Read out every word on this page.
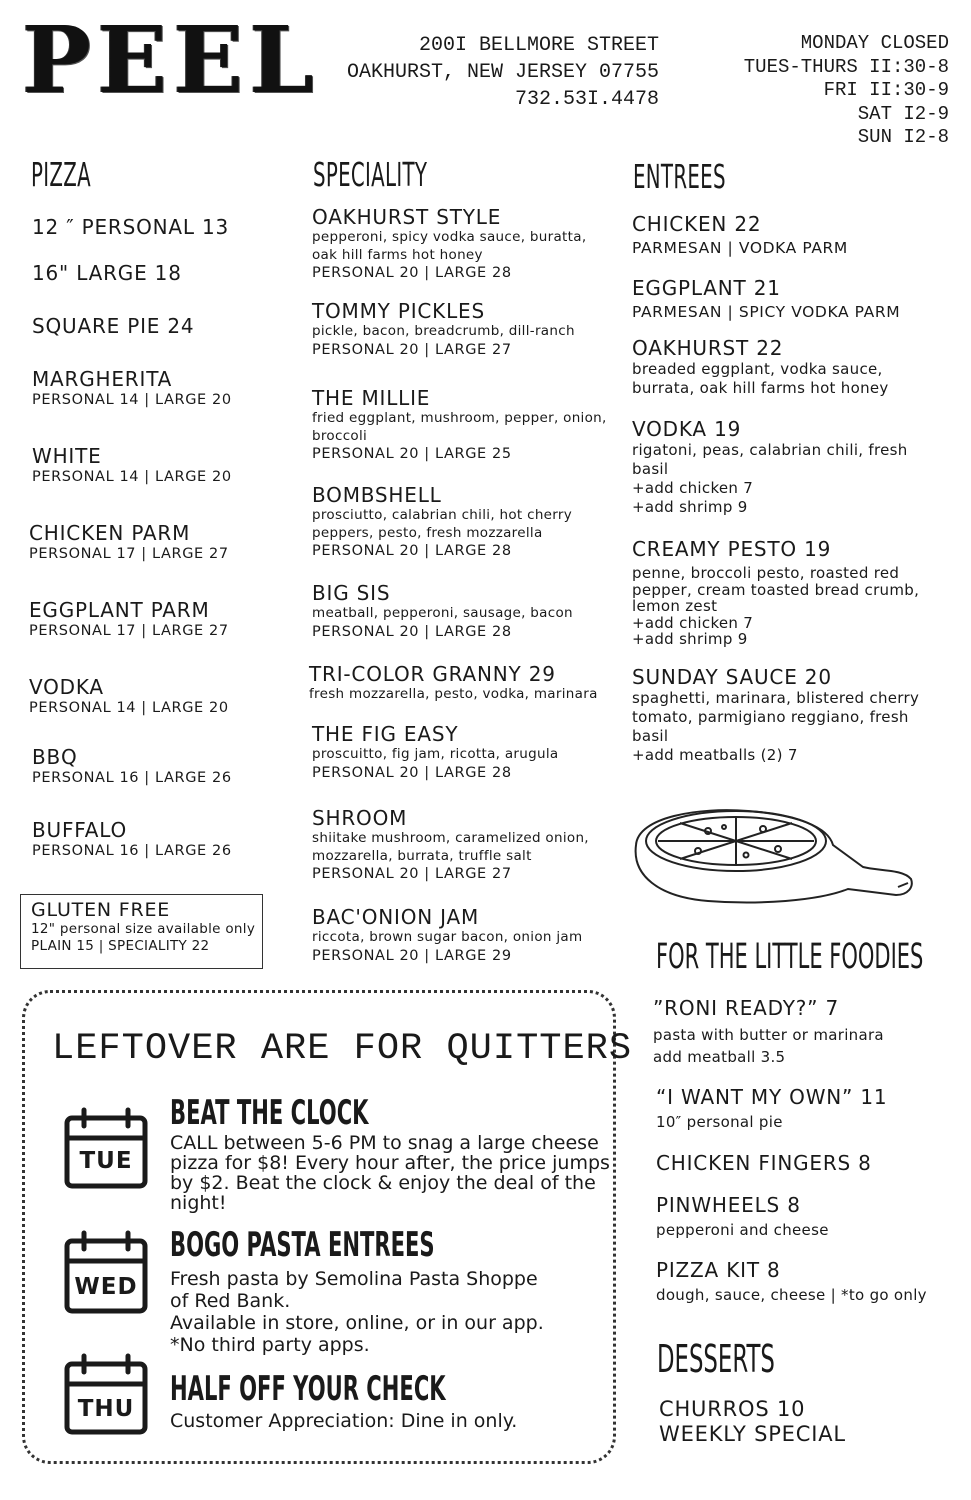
PEEL	200I BELLMORE STREET
OAKHURST, NEW JERSEY 07755
732.53I.4478
MONDAY CLOSED
TUES-THURS II:30-8
FRI II:30-9
SAT I2-9
SUN I2-8
PIZZA
12 ″ PERSONAL 13
16" LARGE 18
SQUARE PIE 24
MARGHERITA
PERSONAL 14 | LARGE 20
WHITE
PERSONAL 14 | LARGE 20
CHICKEN PARM
PERSONAL 17 | LARGE 27
EGGPLANT PARM
PERSONAL 17 | LARGE 27
VODKA
PERSONAL 14 | LARGE 20
BBQ
PERSONAL 16 | LARGE 26
BUFFALO
PERSONAL 16 | LARGE 26
GLUTEN FREE
12" personal size available only
PLAIN 15 | SPECIALITY 22
SPECIALITY
OAKHURST STYLE
pepperoni, spicy vodka sauce, buratta,
oak hill farms hot honey
PERSONAL 20 | LARGE 28
TOMMY PICKLES
pickle, bacon, breadcrumb, dill-ranch
PERSONAL 20 | LARGE 27
THE MILLIE
fried eggplant, mushroom, pepper, onion,
broccoli
PERSONAL 20 | LARGE 25
BOMBSHELL
prosciutto, calabrian chili, hot cherry
peppers, pesto, fresh mozzarella
PERSONAL 20 | LARGE 28
BIG SIS
meatball, pepperoni, sausage, bacon
PERSONAL 20 | LARGE 28
TRI-COLOR GRANNY 29
fresh mozzarella, pesto, vodka, marinara
THE FIG EASY
proscuitto, fig jam, ricotta, arugula
PERSONAL 20 | LARGE 28
SHROOM
shiitake mushroom, caramelized onion,
mozzarella, burrata, truffle salt
PERSONAL 20 | LARGE 27
BAC'ONION JAM
riccota, brown sugar bacon, onion jam
PERSONAL 20 | LARGE 29
ENTREES
CHICKEN 22
PARMESAN | VODKA PARM
EGGPLANT 21
PARMESAN | SPICY VODKA PARM
OAKHURST 22
breaded eggplant, vodka sauce,
burrata, oak hill farms hot honey
VODKA 19
rigatoni, peas, calabrian chili, fresh
basil
+add chicken 7
+add shrimp 9
CREAMY PESTO 19
penne, broccoli pesto, roasted red
pepper, cream toasted bread crumb,
lemon zest
+add chicken 7
+add shrimp 9
SUNDAY SAUCE 20
spaghetti, marinara, blistered cherry
tomato, parmigiano reggiano, fresh
basil
+add meatballs (2) 7
FOR THE LITTLE FOODIES
”RONI READY?” 7
pasta with butter or marinara
add meatball 3.5
“I WANT MY OWN” 11
10″ personal pie
CHICKEN FINGERS 8
PINWHEELS 8
pepperoni and cheese
PIZZA KIT 8
dough, sauce, cheese | *to go only
DESSERTS
CHURROS 10
WEEKLY SPECIAL
LEFTOVER ARE FOR QUITTERS
TUE
WED
THU
BEAT THE CLOCK
CALL between 5-6 PM to snag a large cheese
pizza for $8! Every hour after, the price jumps
by $2. Beat the clock & enjoy the deal of the
night!
BOGO PASTA ENTREES
Fresh pasta by Semolina Pasta Shoppe
of Red Bank.
Available in store, online, or in our app.
*No third party apps.
HALF OFF YOUR CHECK
Customer Appreciation: Dine in only.
